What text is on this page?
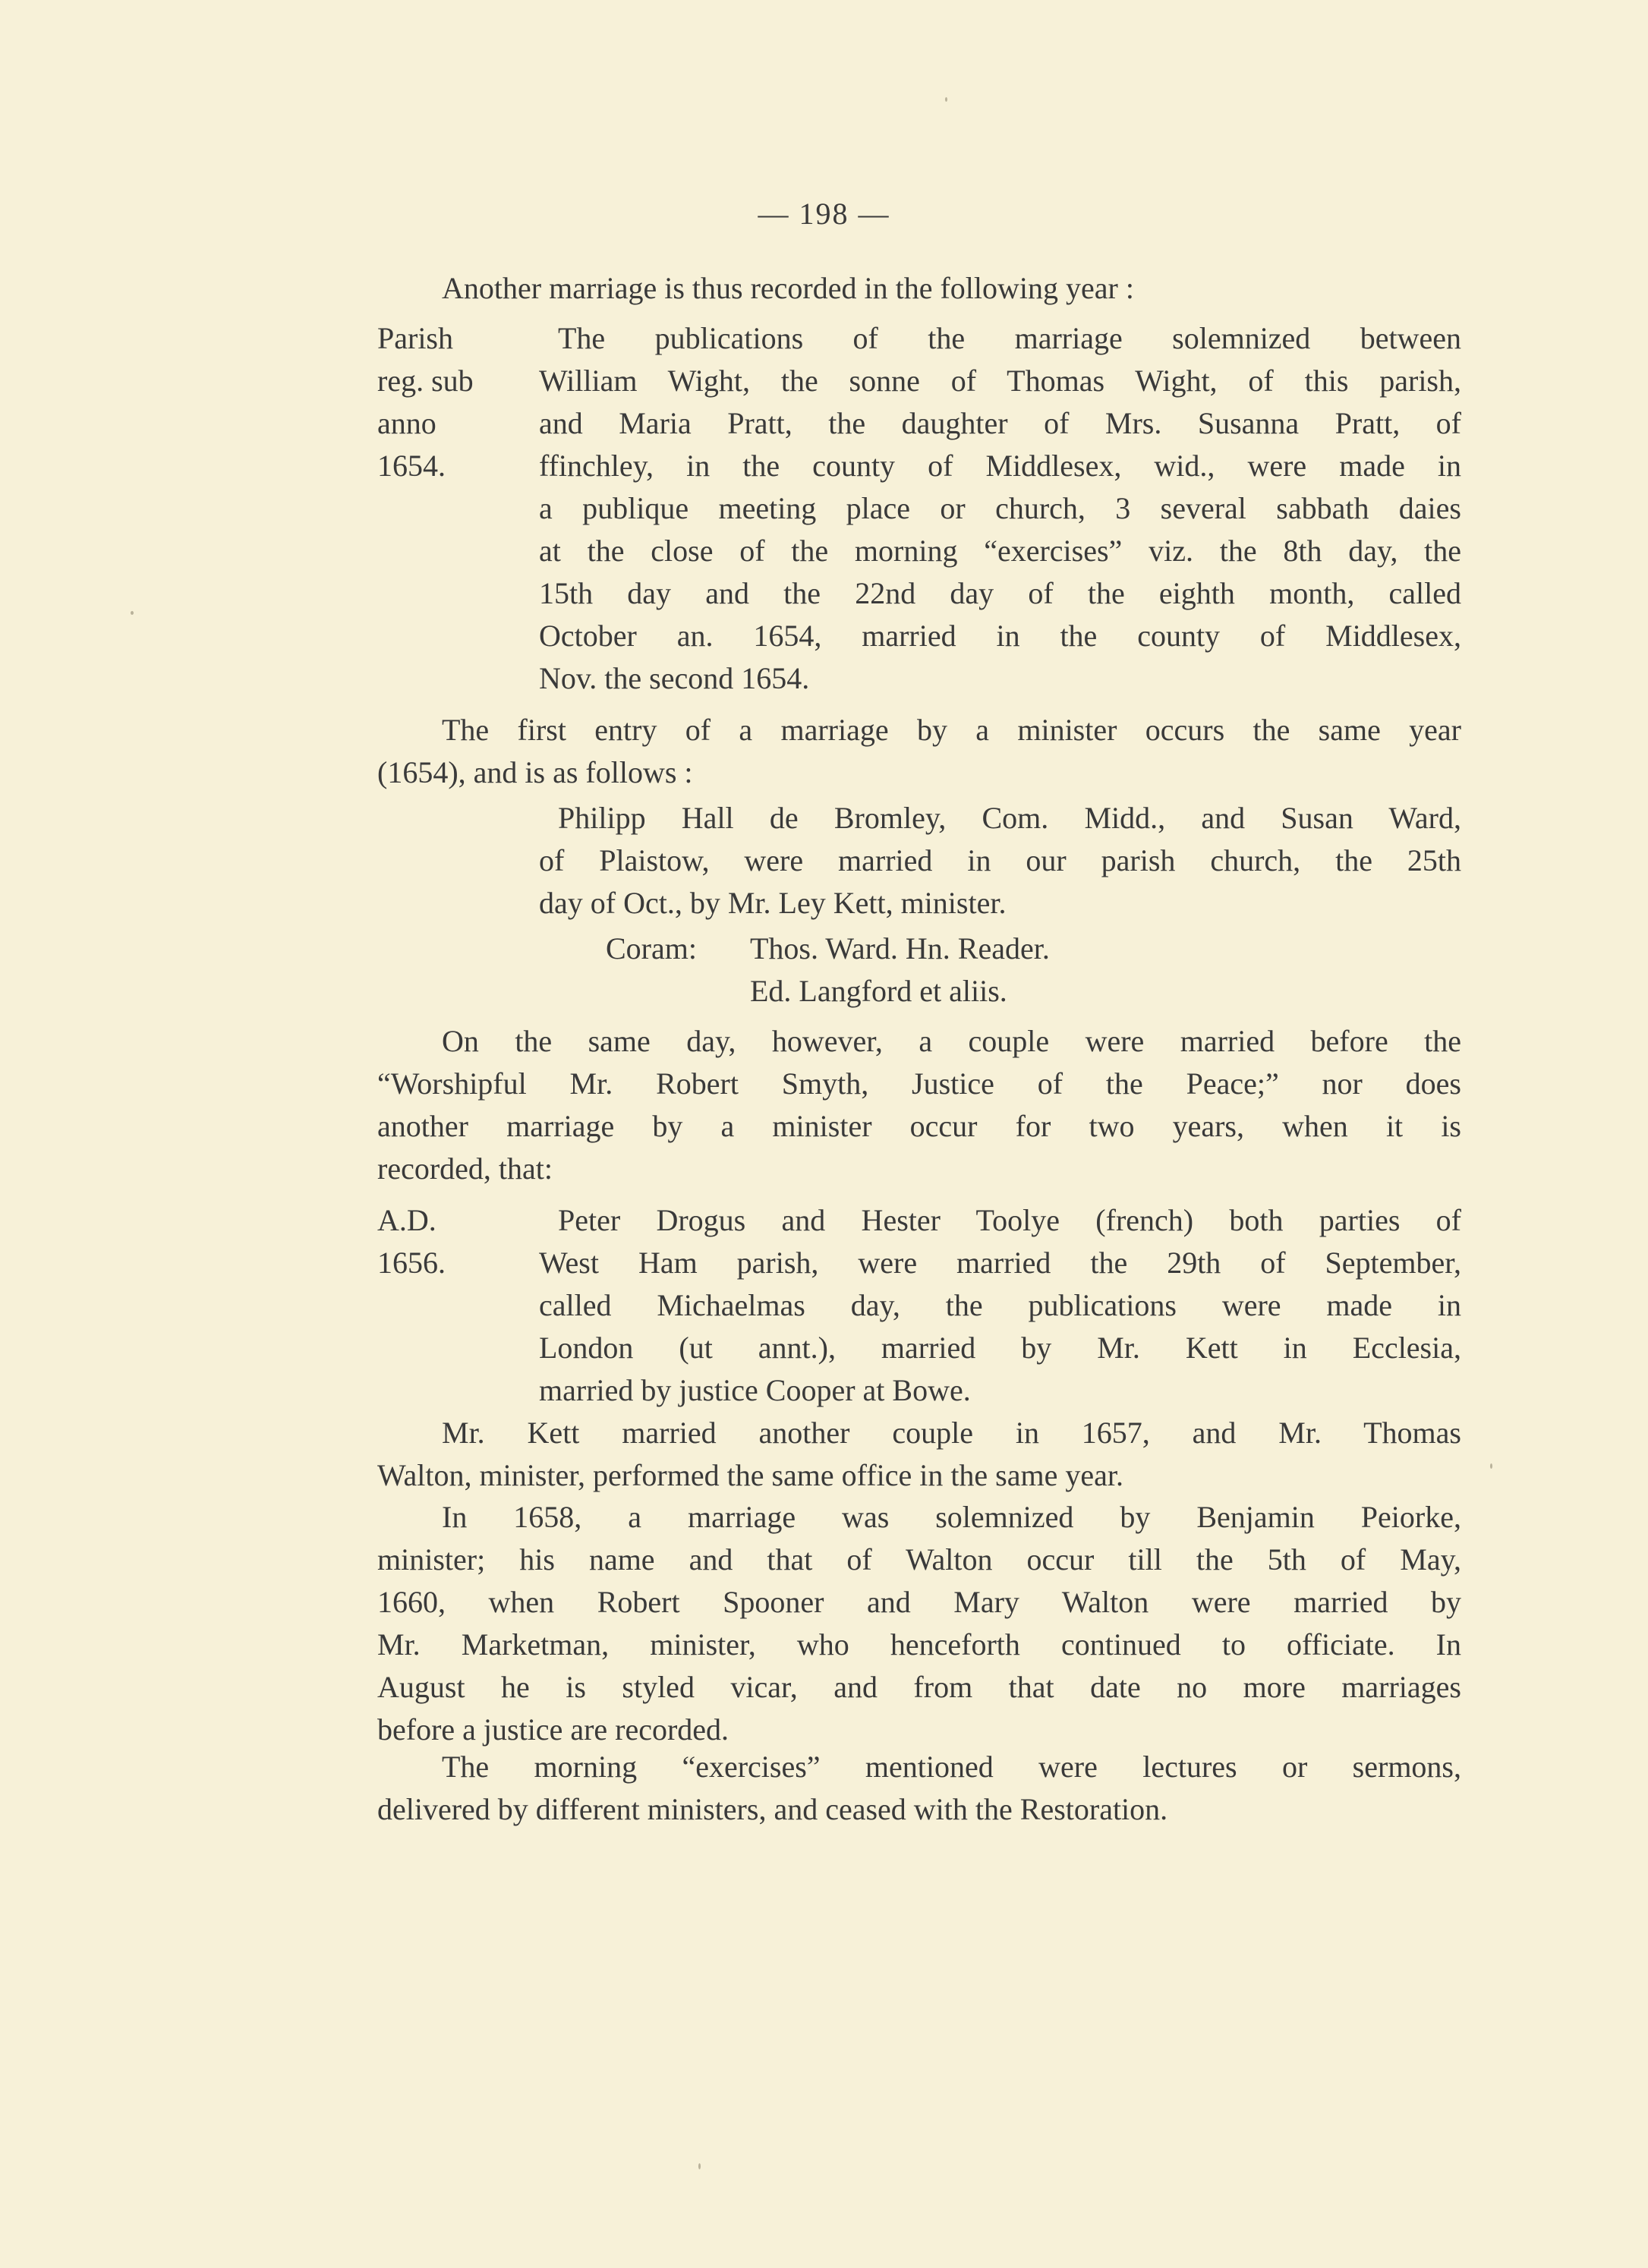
— 198 —
Another marriage is thus recorded in the following year :
Parish
reg. sub
anno
1654.
The publications of the marriage solemnized between
William Wight, the sonne of Thomas Wight, of this parish,
and Maria Pratt, the daughter of Mrs. Susanna Pratt, of
ffinchley, in the county of Middlesex, wid., were made in
a publique meeting place or church, 3 several sabbath daies
at the close of the morning “exercises” viz. the 8th day, the
15th day and the 22nd day of the eighth month, called
October an. 1654, married in the county of Middlesex,
Nov. the second 1654.
The first entry of a marriage by a minister occurs the same year
(1654), and is as follows :
Philipp Hall de Bromley, Com. Midd., and Susan Ward,
of Plaistow, were married in our parish church, the 25th
day of Oct., by Mr. Ley Kett, minister.
Coram: Thos. Ward. Hn. Reader.
Ed. Langford et aliis.
On the same day, however, a couple were married before the
“Worshipful Mr. Robert Smyth, Justice of the Peace;” nor does
another marriage by a minister occur for two years, when it is
recorded, that:
A.D.
1656.
Peter Drogus and Hester Toolye (french) both parties of
West Ham parish, were married the 29th of September,
called Michaelmas day, the publications were made in
London (ut annt.), married by Mr. Kett in Ecclesia,
married by justice Cooper at Bowe.
Mr. Kett married another couple in 1657, and Mr. Thomas
Walton, minister, performed the same office in the same year.
In 1658, a marriage was solemnized by Benjamin Peiorke,
minister; his name and that of Walton occur till the 5th of May,
1660, when Robert Spooner and Mary Walton were married by
Mr. Marketman, minister, who henceforth continued to officiate. In
August he is styled vicar, and from that date no more marriages
before a justice are recorded.
The morning “exercises” mentioned were lectures or sermons,
delivered by different ministers, and ceased with the Restoration.
